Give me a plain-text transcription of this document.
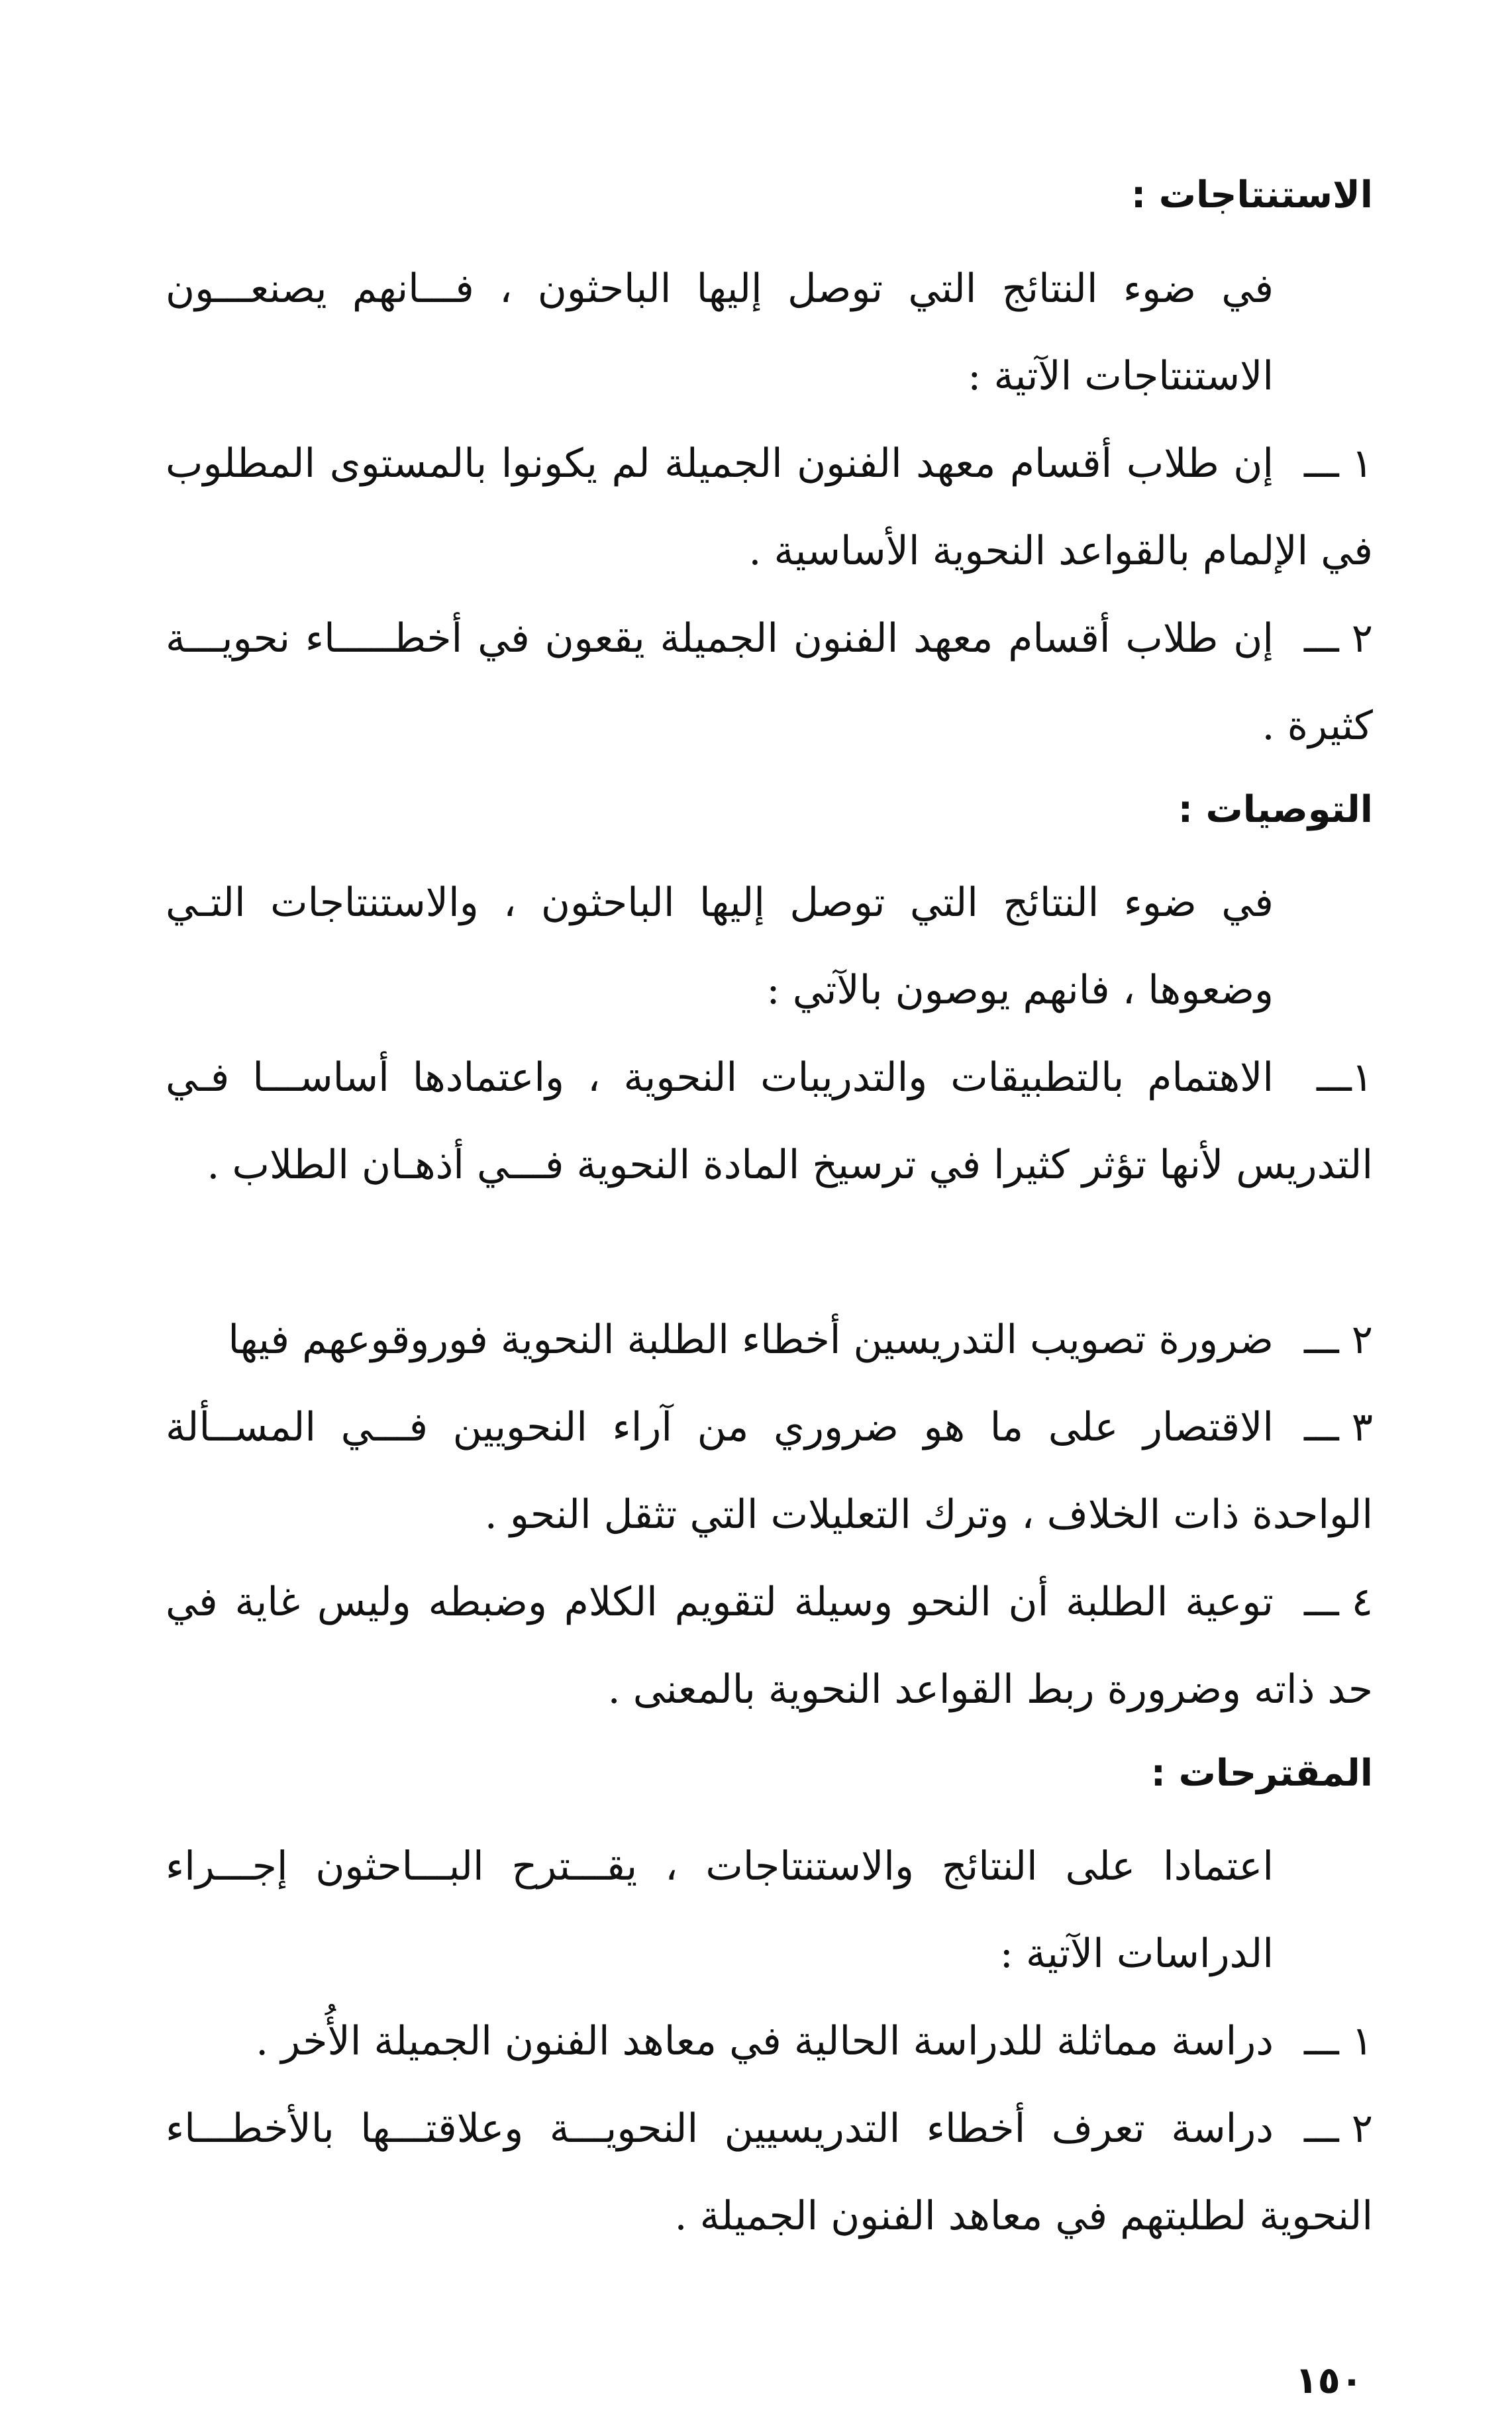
الاستنتاجات :

في ضوء النتائج التي توصل إليها الباحثون ، فـــانهم يصنعـــون الاستنتاجات الآتية :

١ ـــإن طلاب أقسام معهد الفنون الجميلة لم يكونوا بالمستوى المطلوب في الإلمام بالقواعد النحوية الأساسية .

٢ ـــإن طلاب أقسام معهد الفنون الجميلة يقعون في أخطـــــاء نحويـــة كثيرة .

التوصيات :

في ضوء النتائج التي توصل إليها الباحثون ، والاستنتاجات التـي وضعوها ، فانهم يوصون بالآتي :

١ـــالاهتمام بالتطبيقات والتدريبات النحوية ، واعتمادها أساســـا فـي التدريس لأنها تؤثر كثيرا في ترسيخ المادة النحوية فـــي أذهـان الطلاب .

٢ ـــضرورة تصويب التدريسين أخطاء الطلبة النحوية فوروقوعهم فيها

٣ ـــالاقتصار على ما هو ضروري من آراء النحويين فـــي المســألة الواحدة ذات الخلاف ، وترك التعليلات التي تثقل النحو .

٤ ـــتوعية الطلبة أن النحو وسيلة لتقويم الكلام وضبطه وليس غاية في حد ذاته وضرورة ربط القواعد النحوية بالمعنى .

المقترحات :

اعتمادا على النتائج والاستنتاجات ، يقـــترح البـــاحثون إجـــراء الدراسات الآتية :

١ ـــدراسة مماثلة للدراسة الحالية في معاهد الفنون الجميلة الأُخر .

٢ ـــدراسة تعرف أخطاء التدريسيين النحويـــة وعلاقتـــها بالأخطـــاء النحوية لطلبتهم في معاهد الفنون الجميلة .

١٥٠
